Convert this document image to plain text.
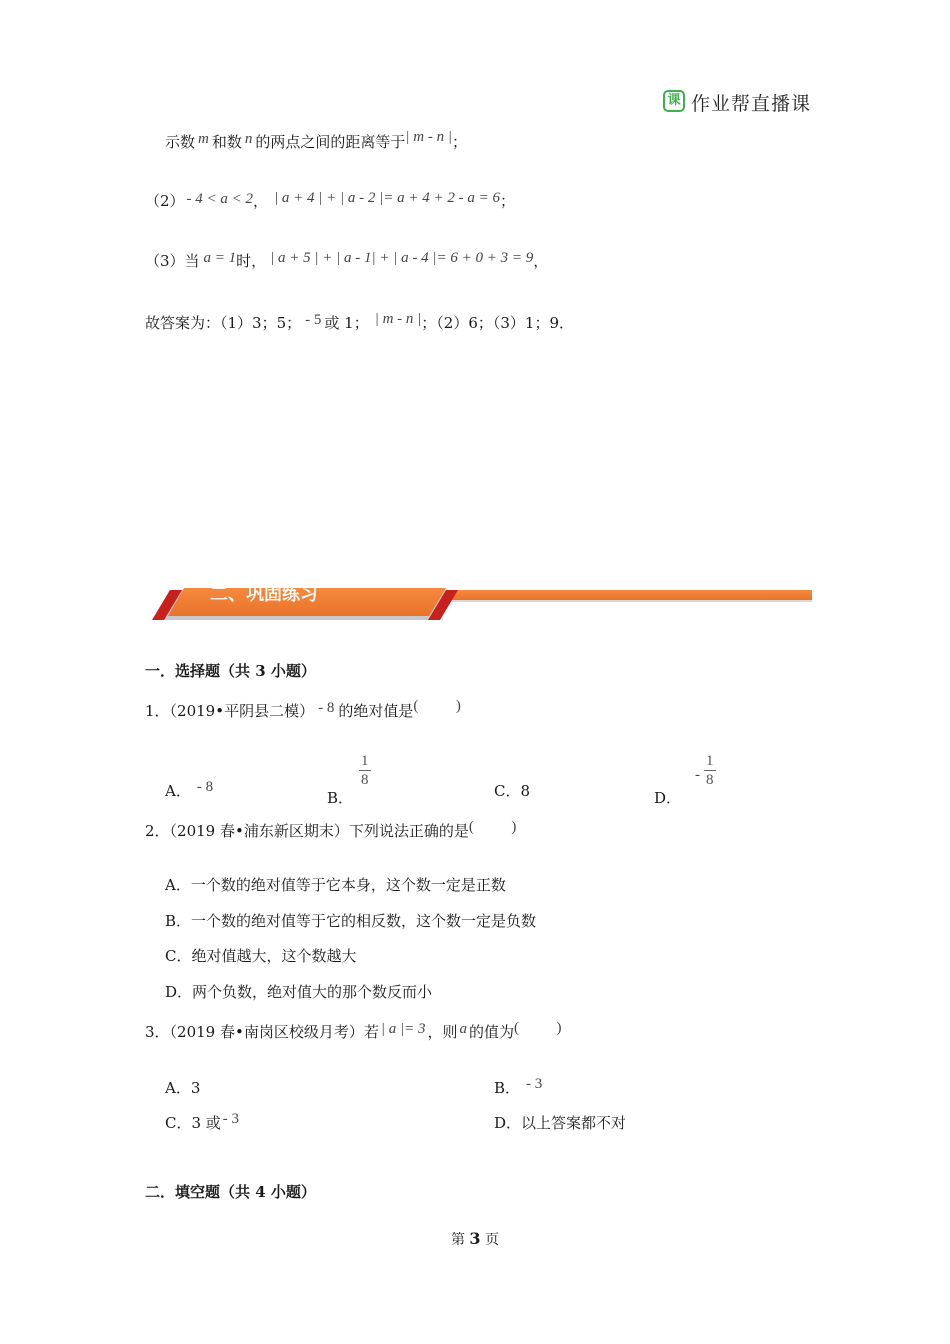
课 作业帮直播课
示数 m 和数 n 的两点之间的距离等于| m - n |；
（2） - 4 < a < 2， | a + 4 | + | a - 2 |= a + 4 + 2 - a = 6；
（3）当 a = 1时， | a + 5 | + | a - 1| + | a - 4 |= 6 + 0 + 3 = 9，
故答案为：（1）3；5； - 5 或 1； | m - n |；（2）6；（3）1；9．
二、巩固练习
一．选择题（共 3 小题）
1．（2019•平阴县二模） - 8 的绝对值是(          )
A． - 8
B．
$\frac{1}{8}$
C．8	D．- $\frac{1}{8}$
2．（2019 春•浦东新区期末）下列说法正确的是(          )
A．一个数的绝对值等于它本身，这个数一定是正数
B．一个数的绝对值等于它的相反数，这个数一定是负数
C．绝对值越大，这个数越大
D．两个负数，绝对值大的那个数反而小
3．（2019 春•南岗区校级月考）若 | a |= 3 ，则 a 的值为(          )
A．3	B． - 3
C．3 或 - 3	D．以上答案都不对
二．填空题（共 4 小题）
第 3 页
